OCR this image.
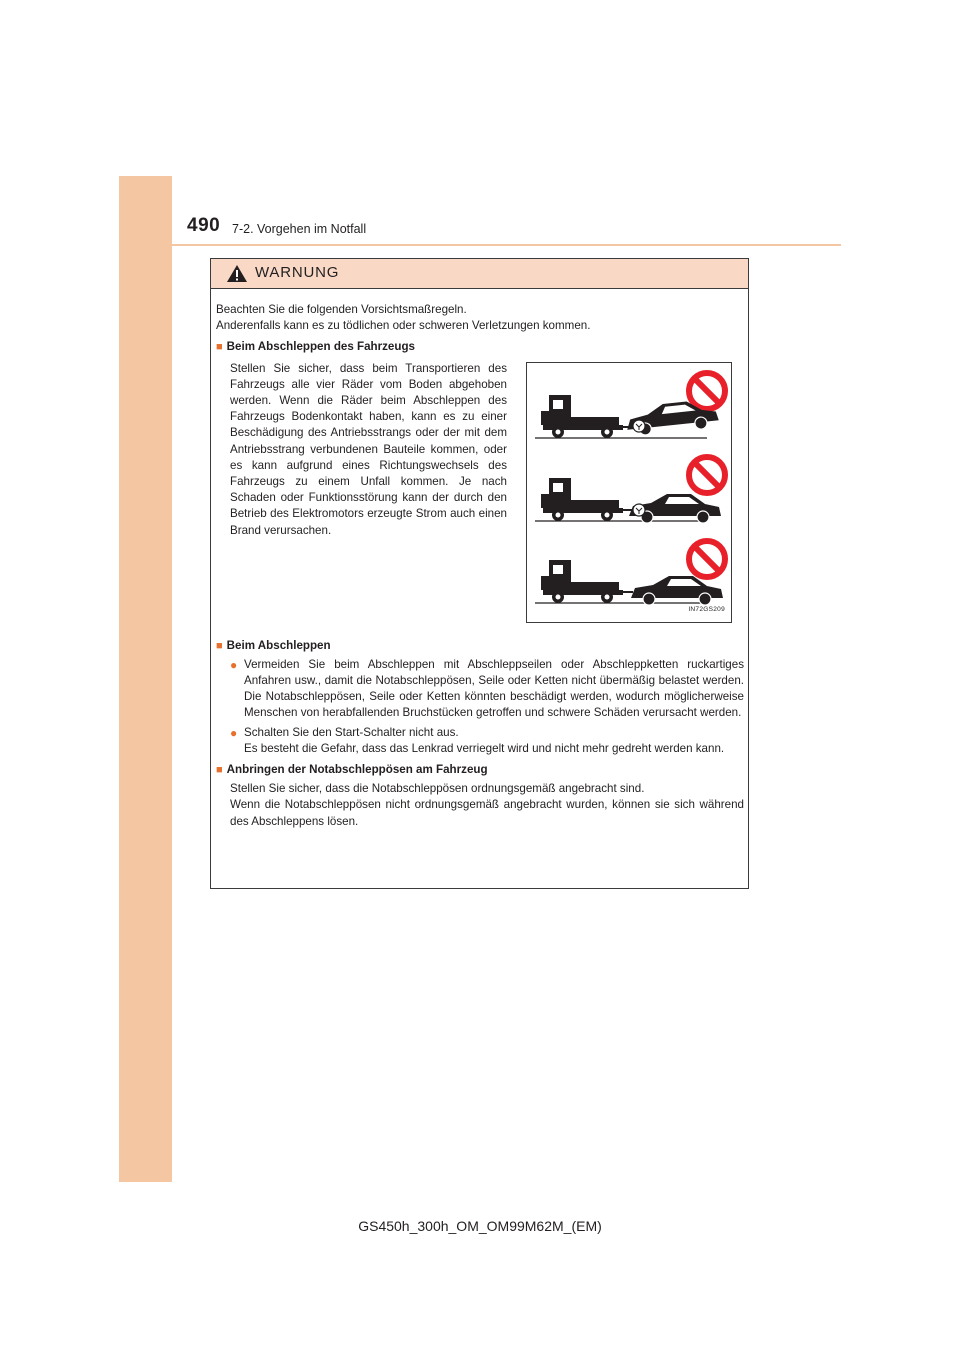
490 7-2. Vorgehen im Notfall
WARNUNG

Beachten Sie die folgenden Vorsichtsmaßregeln.

Anderenfalls kann es zu tödlichen oder schweren Verletzungen kommen.

■ Beim Abschleppen des Fahrzeugs

Stellen Sie sicher, dass beim Transportieren des Fahrzeugs alle vier Räder vom Boden abgehoben werden. Wenn die Räder beim Abschleppen des Fahrzeugs Bodenkontakt haben, kann es zu einer Beschädigung des Antriebsstrangs oder der mit dem Antriebsstrang verbundenen Bauteile kommen, oder es kann aufgrund eines Richtungswechsels des Fahrzeugs zu einem Unfall kommen. Je nach Schaden oder Funktionsstörung kann der durch den Betrieb des Elektromotors erzeugte Strom auch einen Brand verursachen.

IN72GS209
■ Beim Abschleppen
● Vermeiden Sie beim Abschleppen mit Abschleppseilen oder Abschleppketten ruckartiges Anfahren usw., damit die Notabschleppösen, Seile oder Ketten nicht übermäßig belastet werden. Die Notabschleppösen, Seile oder Ketten könnten beschädigt werden, wodurch möglicherweise Menschen von herabfallenden Bruchstücken getroffen und schwere Schäden verursacht werden.
● Schalten Sie den Start-Schalter nicht aus.
Es besteht die Gefahr, dass das Lenkrad verriegelt wird und nicht mehr gedreht werden kann.
■ Anbringen der Notabschleppösen am Fahrzeug

Stellen Sie sicher, dass die Notabschleppösen ordnungsgemäß angebracht sind.

Wenn die Notabschleppösen nicht ordnungsgemäß angebracht wurden, können sie sich während des Abschleppens lösen.

GS450h_300h_OM_OM99M62M_(EM)
